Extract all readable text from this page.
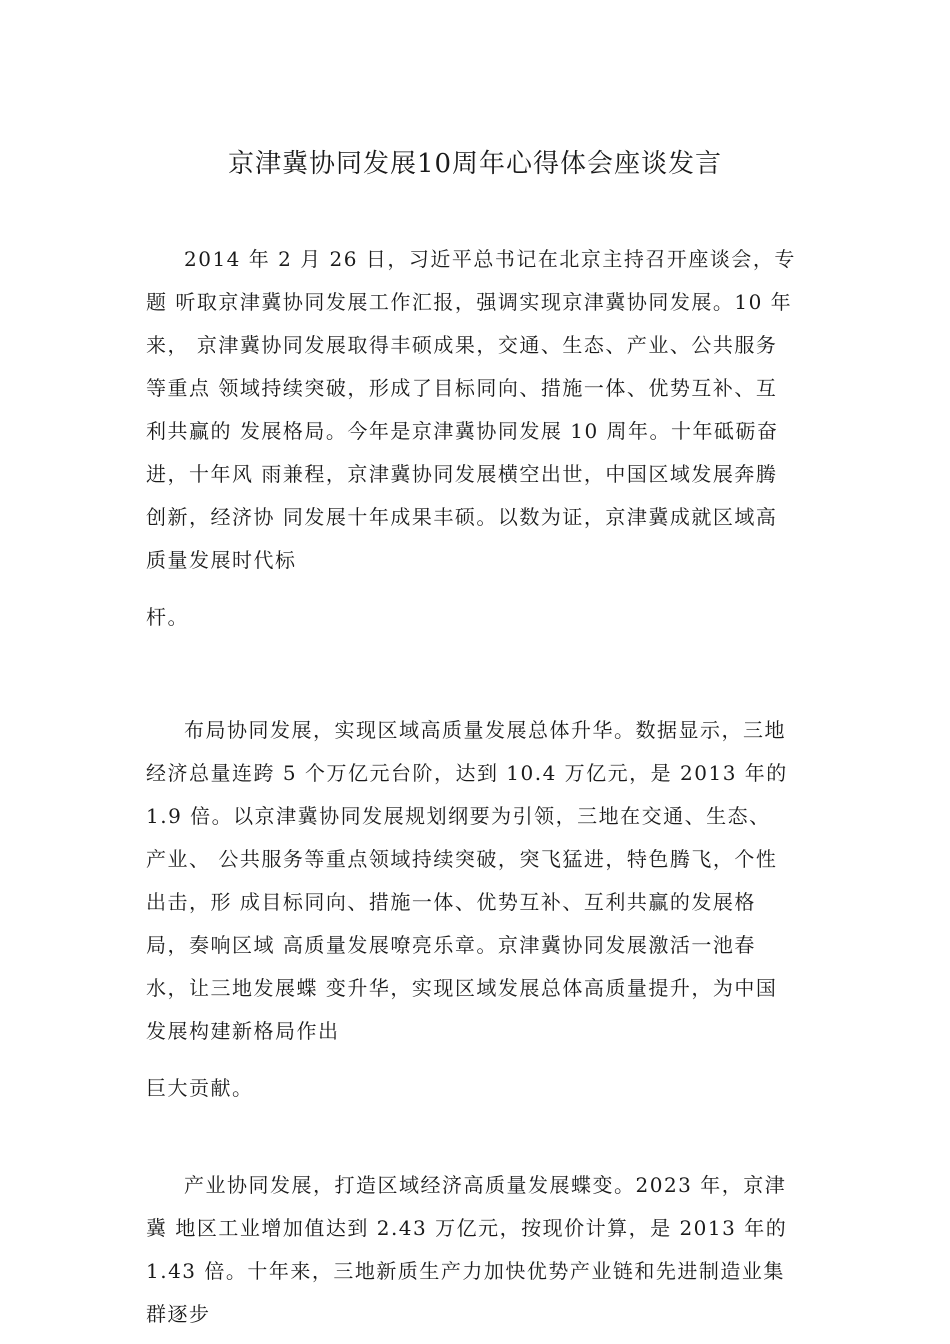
京津冀协同发展10周年心得体会座谈发言
2014 年 2 月 26 日，习近平总书记在北京主持召开座谈会，专
题 听取京津冀协同发展工作汇报，强调实现京津冀协同发展。10 年
来， 京津冀协同发展取得丰硕成果，交通、生态、产业、公共服务
等重点 领域持续突破，形成了目标同向、措施一体、优势互补、互
利共赢的 发展格局。今年是京津冀协同发展 10 周年。十年砥砺奋
进，十年风 雨兼程，京津冀协同发展横空出世，中国区域发展奔腾
创新，经济协 同发展十年成果丰硕。以数为证，京津冀成就区域高
质量发展时代标
杆。
布局协同发展，实现区域高质量发展总体升华。数据显示，三地
经济总量连跨 5 个万亿元台阶，达到 10.4 万亿元，是 2013 年的
1.9 倍。以京津冀协同发展规划纲要为引领，三地在交通、生态、
产业、 公共服务等重点领域持续突破，突飞猛进，特色腾飞，个性
出击，形 成目标同向、措施一体、优势互补、互利共赢的发展格
局，奏响区域 高质量发展嘹亮乐章。京津冀协同发展激活一池春
水，让三地发展蝶 变升华，实现区域发展总体高质量提升，为中国
发展构建新格局作出
巨大贡献。
产业协同发展，打造区域经济高质量发展蝶变。2023 年，京津
冀 地区工业增加值达到 2.43 万亿元，按现价计算，是 2013 年的
1.43 倍。十年来，三地新质生产力加快优势产业链和先进制造业集
群逐步
